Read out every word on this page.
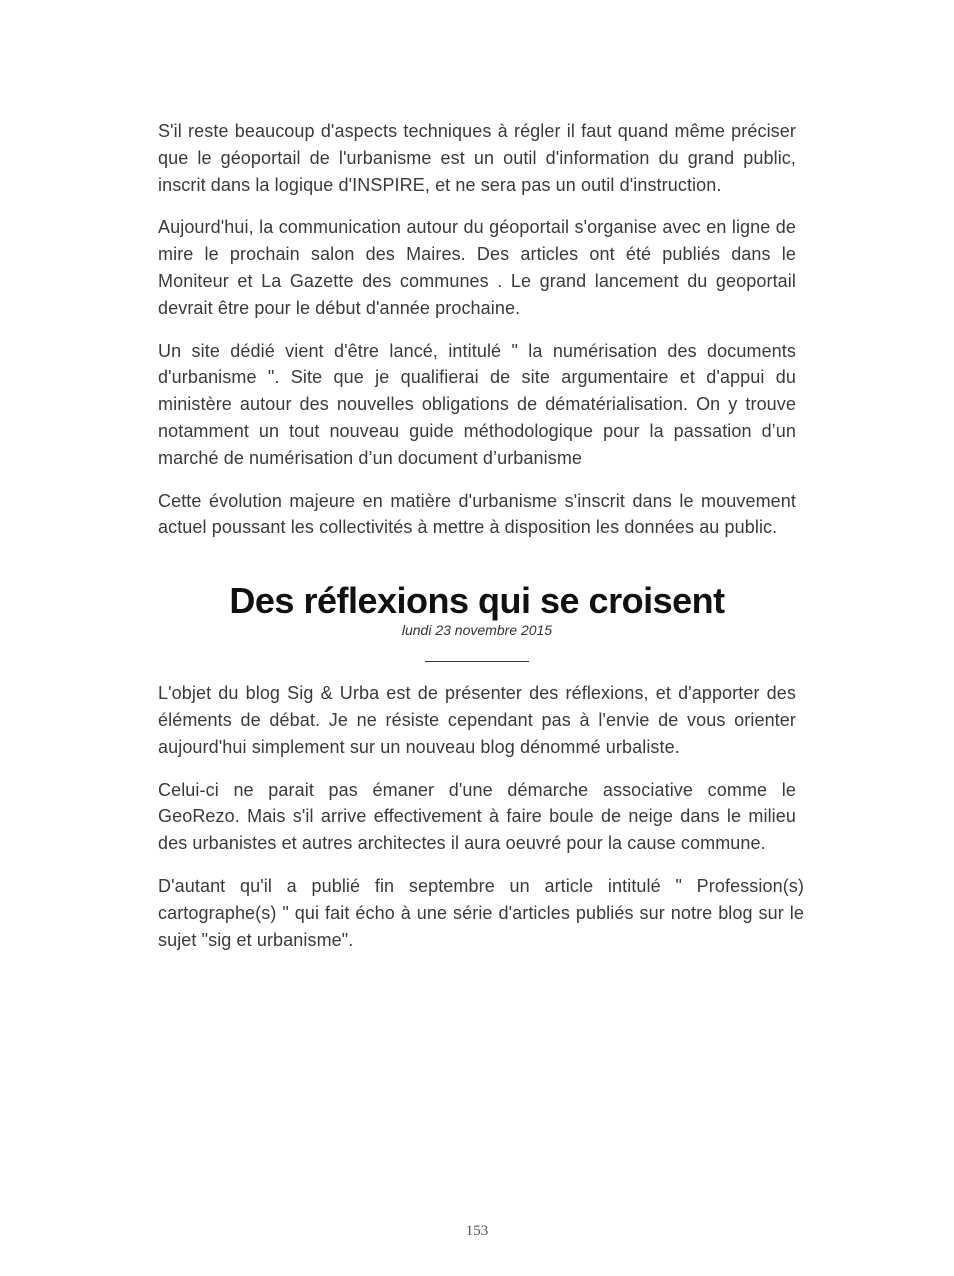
S'il reste beaucoup d'aspects techniques à régler il faut quand même préciser que le géoportail de l'urbanisme est un outil d'information du grand public, inscrit dans la logique d'INSPIRE, et ne sera pas un outil d'instruction.

Aujourd'hui, la communication autour du géoportail s'organise avec en ligne de mire le prochain salon des Maires. Des articles ont été publiés dans le Moniteur et La Gazette des communes . Le grand lancement du geoportail devrait être pour le début d'année prochaine.

Un site dédié vient d'être lancé, intitulé " la numérisation des documents d'urbanisme ". Site que je qualifierai de site argumentaire et d'appui du ministère autour des nouvelles obligations de dématérialisation. On y trouve notamment un tout nouveau guide méthodologique pour la passation d’un marché de numérisation d’un document d’urbanisme

Cette évolution majeure en matière d'urbanisme s'inscrit dans le mouvement actuel poussant les collectivités à mettre à disposition les données au public.

Des réflexions qui se croisent

lundi 23 novembre 2015

L'objet du blog Sig & Urba est de présenter des réflexions, et d'apporter des éléments de débat. Je ne résiste cependant pas à l'envie de vous orienter aujourd'hui simplement sur un nouveau blog dénommé urbaliste.

Celui-ci ne parait pas émaner d'une démarche associative comme le GeoRezo. Mais s'il arrive effectivement à faire boule de neige dans le milieu des urbanistes et autres architectes il aura oeuvré pour la cause commune.

D'autant qu'il a publié fin septembre un article intitulé " Profession(s) cartographe(s) " qui fait écho à une série d'articles publiés sur notre blog sur le sujet "sig et urbanisme".

153
